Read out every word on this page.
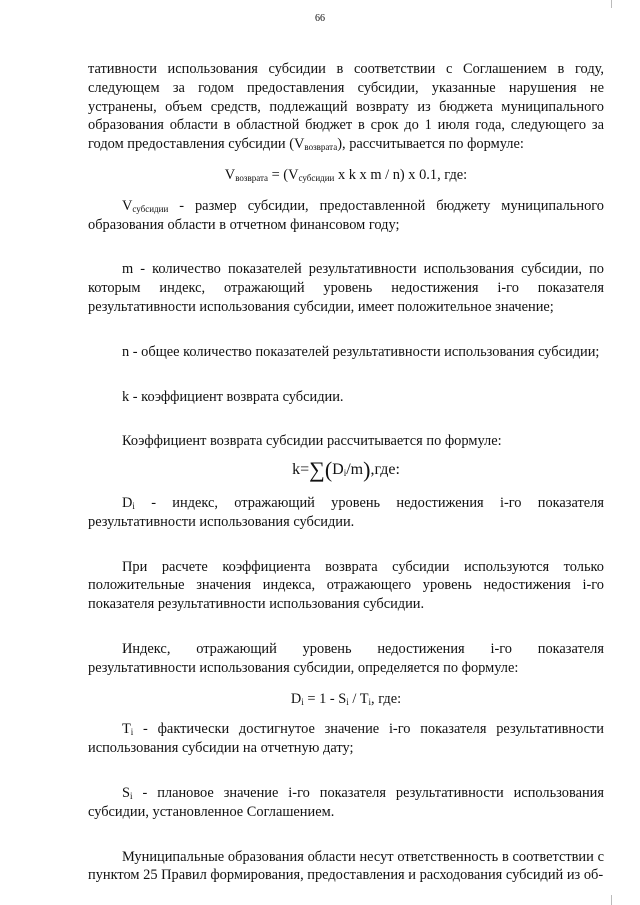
66

тативности использования субсидии в соответствии с Соглашением в году, следующем за годом предоставления субсидии, указанные нарушения не устранены, объем средств, подлежащий возврату из бюджета муниципального образования области в областной бюджет в срок до 1 июля года, следующего за годом предоставления субсидии $(V_{возврата})$, рассчитывается по формуле:

$V_{возврата} = (V_{субсидии}$ x k x m / n) x 0.1, где:

$V_{субсидии}$ - размер субсидии, предоставленной бюджету муниципального образования области в отчетном финансовом году;

m - количество показателей результативности использования субсидии, по которым индекс, отражающий уровень недостижения i-го показателя результативности использования субсидии, имеет положительное значение;

n - общее количество показателей результативности использования субсидии;

k - коэффициент возврата субсидии.

Коэффициент возврата субсидии рассчитывается по формуле:

$k=\sum(D_i/m),где$:

$D_i$ - индекс, отражающий уровень недостижения i-го показателя результативности использования субсидии.

При расчете коэффициента возврата субсидии используются только положительные значения индекса, отражающего уровень недостижения i-го показателя результативности использования субсидии.

Индекс, отражающий уровень недостижения i-го показателя результативности использования субсидии, определяется по формуле:

$D_i = 1 - S_i / T_i$, где:

$T_i$ - фактически достигнутое значение i-го показателя результативности использования субсидии на отчетную дату;

$S_i$ - плановое значение i-го показателя результативности использования субсидии, установленное Соглашением.

Муниципальные образования области несут ответственность в соответствии с пунктом 25 Правил формирования, предоставления и расходования субсидий из об-
